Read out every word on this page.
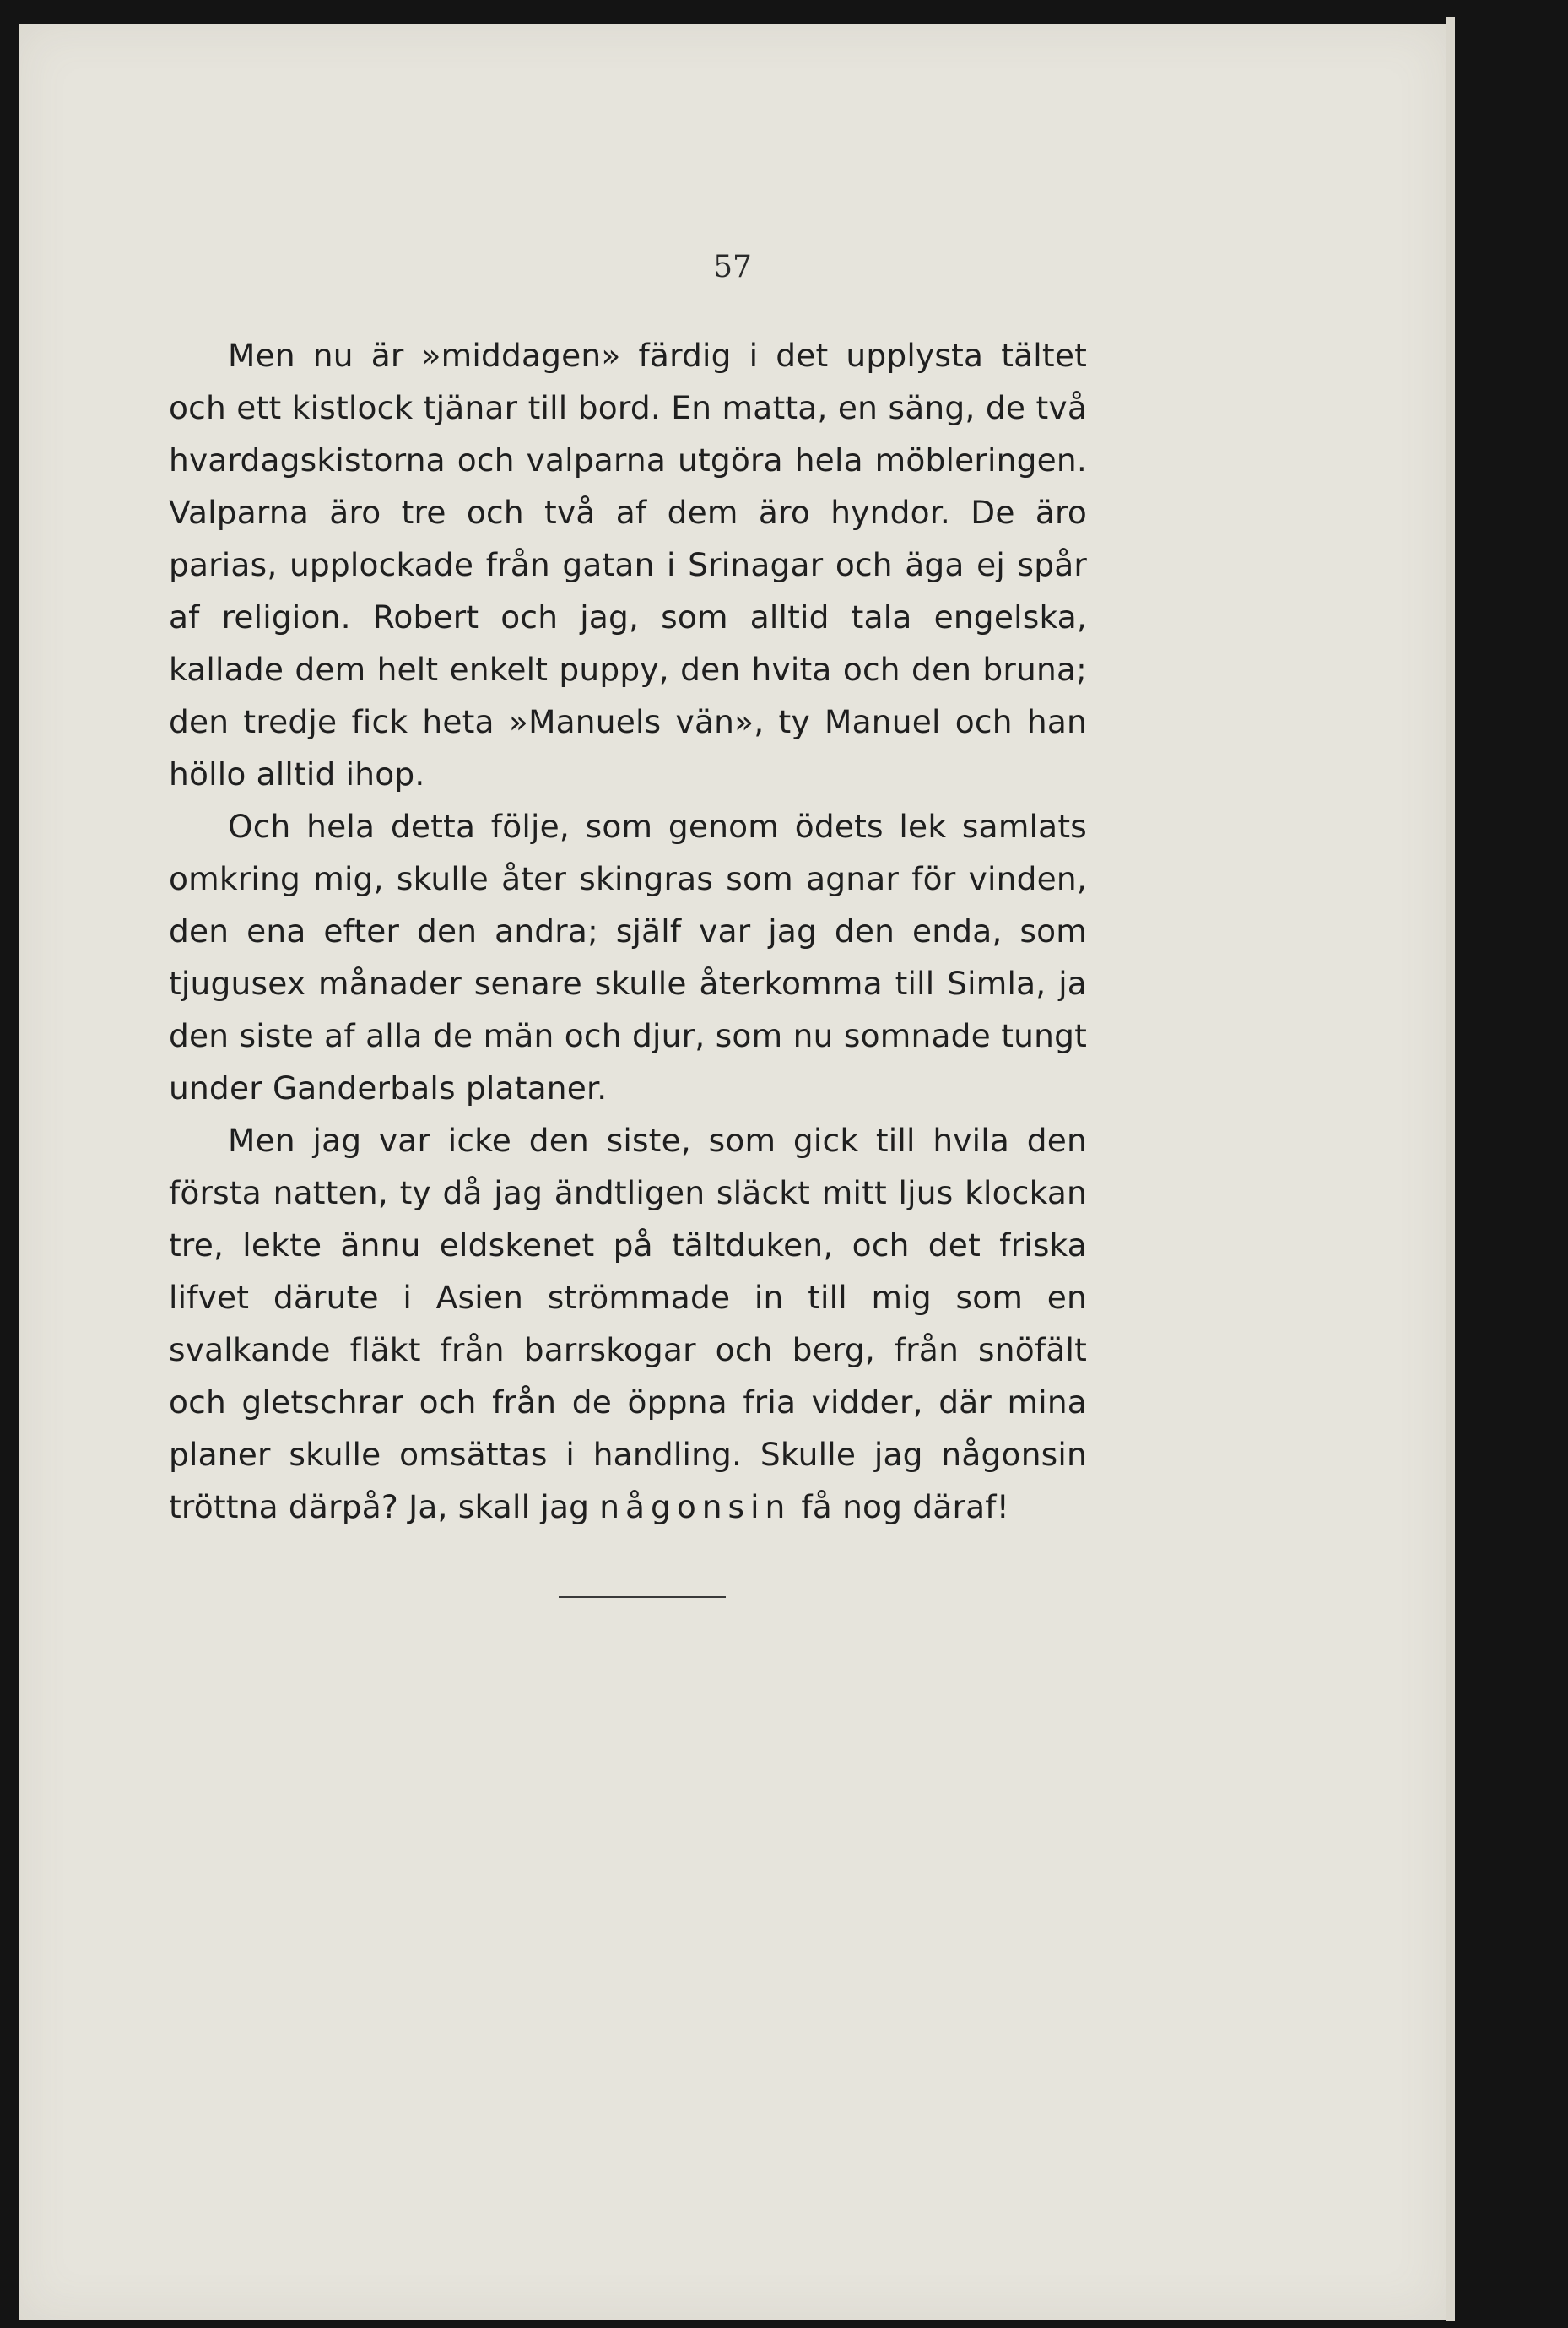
57

Men nu är »middagen» färdig i det upplysta tältet och ett kistlock tjänar till bord. En matta, en säng, de två hvardagskistorna och valparna utgöra hela möbleringen. Valparna äro tre och två af dem äro hyndor. De äro parias, upplockade från gatan i Srinagar och äga ej spår af religion. Robert och jag, som alltid tala engelska, kallade dem helt enkelt puppy, den hvita och den bruna; den tredje fick heta »Manuels vän», ty Manuel och han höllo alltid ihop.

Och hela detta följe, som genom ödets lek samlats omkring mig, skulle åter skingras som agnar för vinden, den ena efter den andra; själf var jag den enda, som tjugusex månader senare skulle återkomma till Simla, ja den siste af alla de män och djur, som nu somnade tungt under Ganderbals plataner.

Men jag var icke den siste, som gick till hvila den första natten, ty då jag ändtligen släckt mitt ljus klockan tre, lekte ännu eldskenet på tältduken, och det friska lifvet därute i Asien strömmade in till mig som en svalkande fläkt från barrskogar och berg, från snöfält och gletschrar och från de öppna fria vidder, där mina planer skulle omsättas i handling. Skulle jag någonsin tröttna därpå? Ja, skall jag någonsin få nog däraf!
